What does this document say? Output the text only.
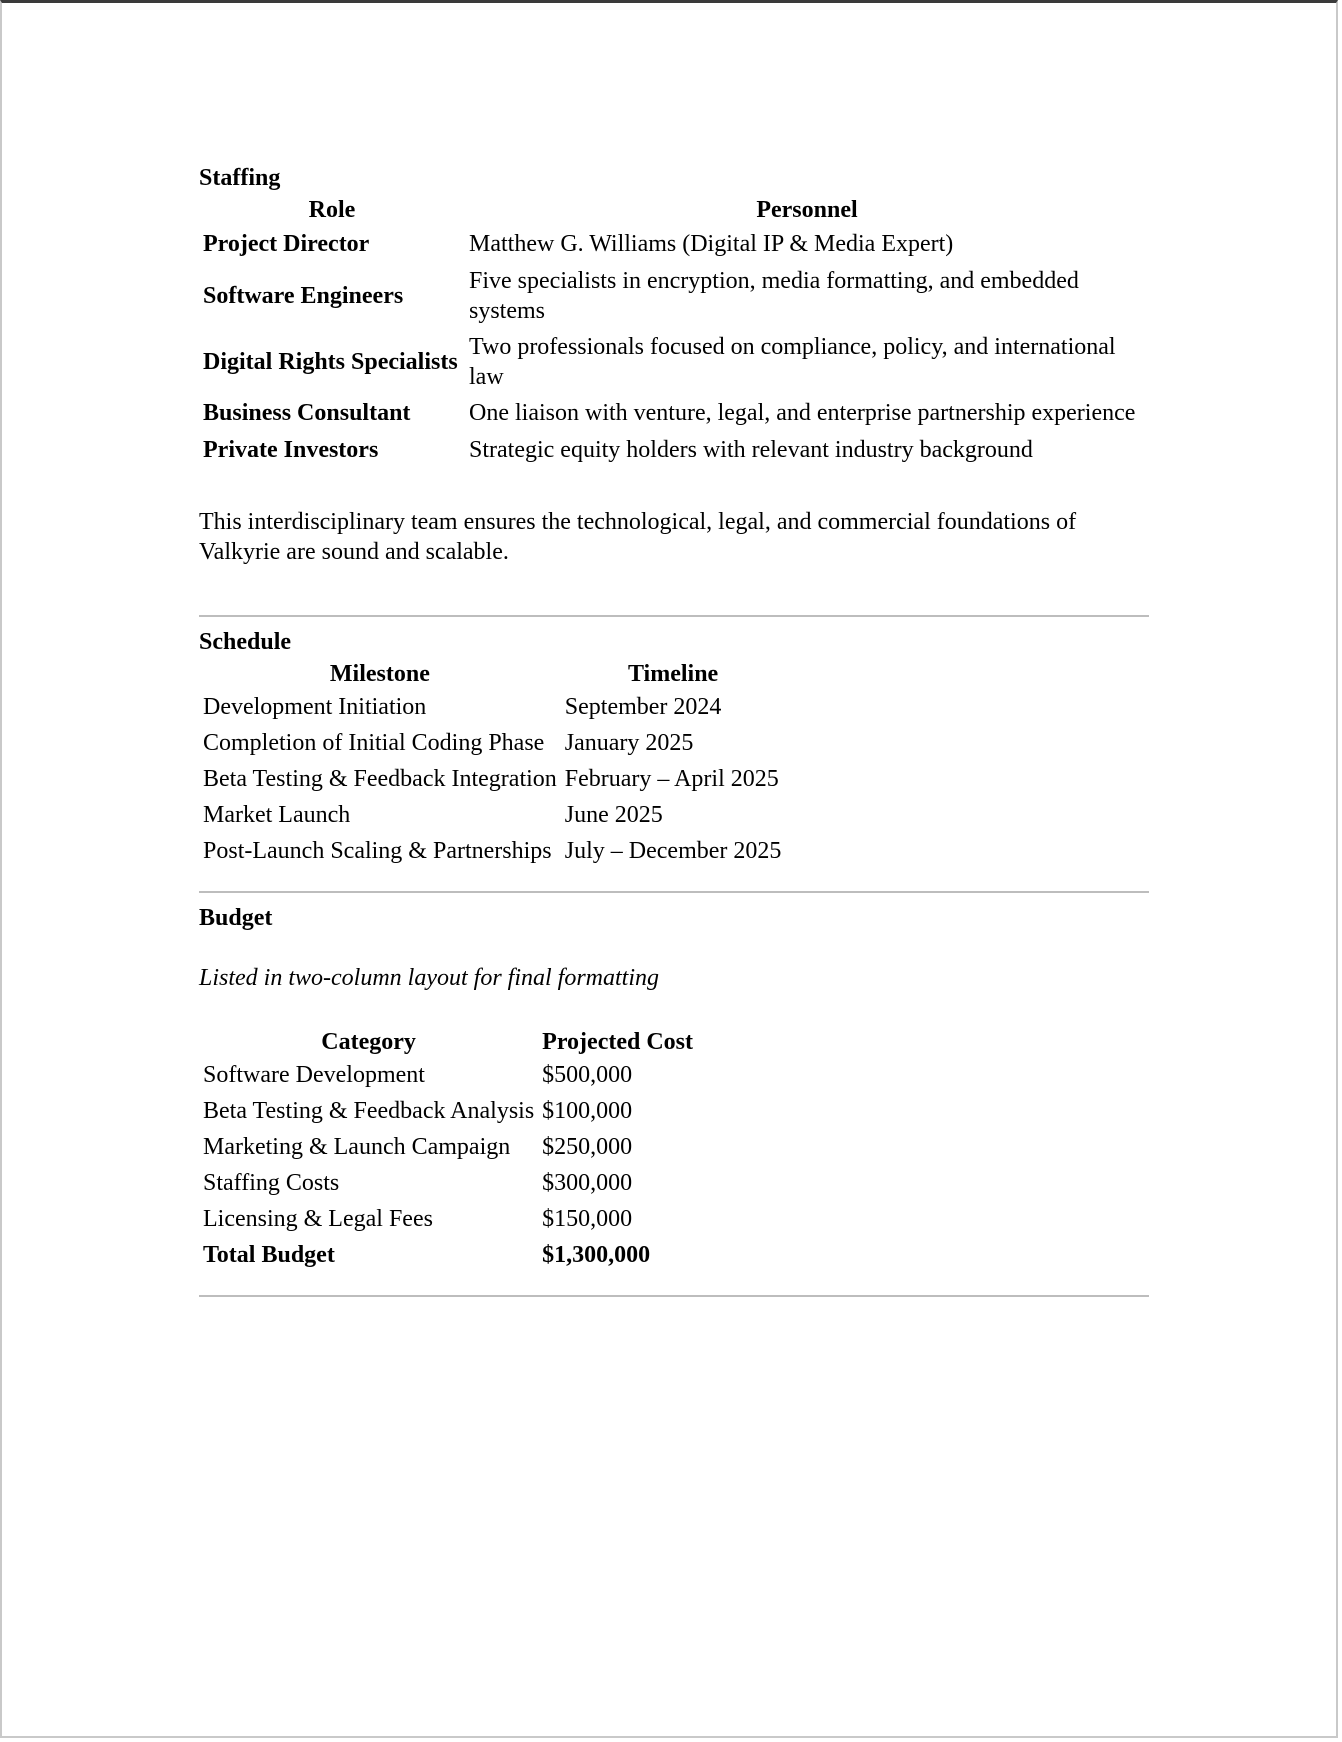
Staffing
Role	Personnel
Project Director	Matthew G. Williams (Digital IP & Media Expert)
Software Engineers	Five specialists in encryption, media formatting, and embedded systems
Digital Rights Specialists	Two professionals focused on compliance, policy, and international law
Business Consultant	One liaison with venture, legal, and enterprise partnership experience
Private Investors	Strategic equity holders with relevant industry background

This interdisciplinary team ensures the technological, legal, and commercial foundations of Valkyrie are sound and scalable.

Schedule
Milestone	Timeline
Development Initiation	September 2024
Completion of Initial Coding Phase	January 2025
Beta Testing & Feedback Integration	February – April 2025
Market Launch	June 2025
Post-Launch Scaling & Partnerships	July – December 2025
Budget

Listed in two-column layout for final formatting

Category	Projected Cost
Software Development	$500,000
Beta Testing & Feedback Analysis	$100,000
Marketing & Launch Campaign	$250,000
Staffing Costs	$300,000
Licensing & Legal Fees	$150,000
Total Budget	$1,300,000
